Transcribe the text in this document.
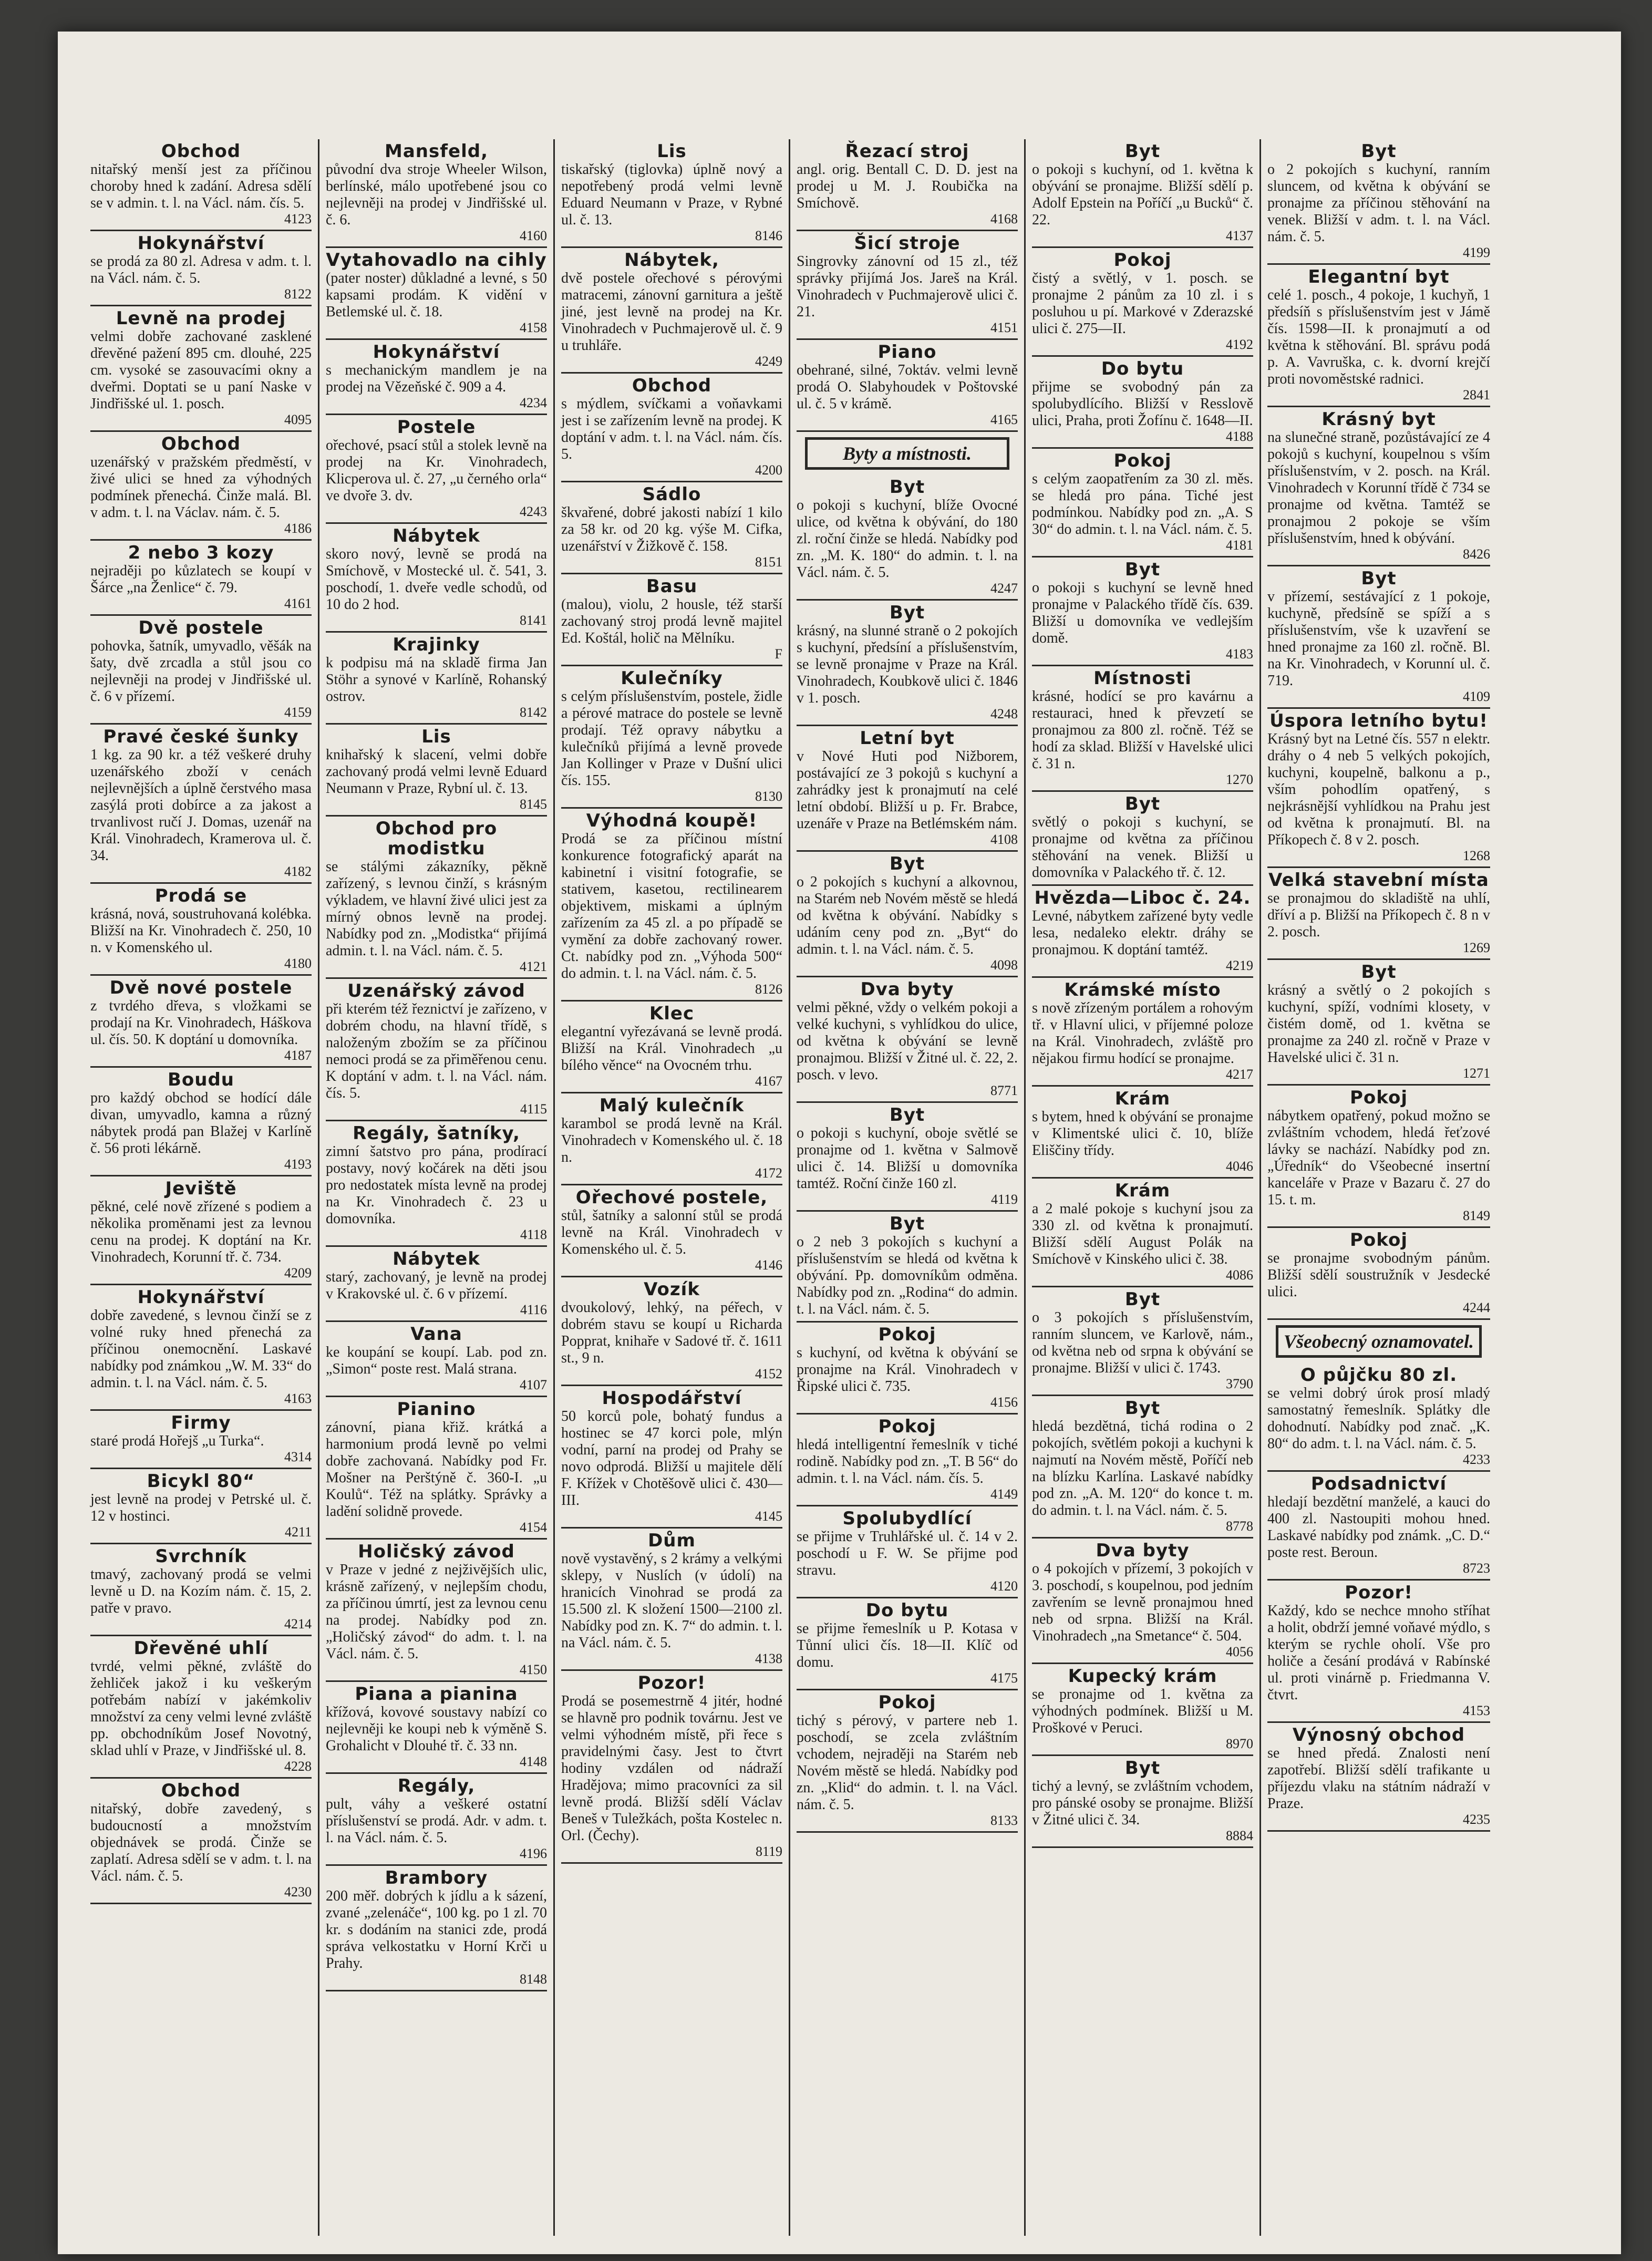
Obchod

nitařský menší jest za příčinou choroby hned k zadání. Adresa sdělí se v admin. t. l. na Václ. nám. čís. 5.

4123
Hokynářství

se prodá za 80 zl. Adresa v adm. t. l. na Václ. nám. č. 5.

8122
Levně na prodej

velmi dobře zachované zasklené dřevěné pažení 895 cm. dlouhé, 225 cm. vysoké se zasouvacími okny a dveřmi. Doptati se u paní Naske v Jindřišské ul. 1. posch.

4095
Obchod

uzenářský v pražském předměstí, v živé ulici se hned za výhodných podmínek přenechá. Činže malá. Bl. v adm. t. l. na Václav. nám. č. 5.

4186
2 nebo 3 kozy

nejraději po kůzlatech se koupí v Šárce „na Ženlice“ č. 79.

4161
Dvě postele

pohovka, šatník, umyvadlo, věšák na šaty, dvě zrcadla a stůl jsou co nejlevněji na prodej v Jindřišské ul. č. 6 v přízemí.

4159
Pravé české šunky

1 kg. za 90 kr. a též veškeré druhy uzenářského zboží v cenách nejlevnějších a úplně čerstvého masa zasýlá proti dobírce a za jakost a trvanlivost ručí J. Domas, uzenář na Král. Vinohradech, Kramerova ul. č. 34.

4182
Prodá se

krásná, nová, soustruhovaná kolébka. Bližší na Kr. Vinohradech č. 250, 10 n. v Komenského ul.

4180
Dvě nové postele

z tvrdého dřeva, s vložkami se prodají na Kr. Vinohradech, Háškova ul. čís. 50. K doptání u domovníka.

4187
Boudu

pro každý obchod se hodící dále divan, umyvadlo, kamna a různý nábytek prodá pan Blažej v Karlíně č. 56 proti lékárně.

4193
Jeviště

pěkné, celé nově zřízené s podiem a několika proměnami jest za levnou cenu na prodej. K doptání na Kr. Vinohradech, Korunní tř. č. 734.

4209
Hokynářství

dobře zavedené, s levnou činží se z volné ruky hned přenechá za příčinou onemocnění. Laskavé nabídky pod známkou „W. M. 33“ do admin. t. l. na Václ. nám. č. 5.

4163
Firmy

staré prodá Hořejš „u Turka“.

4314
Bicykl 80“

jest levně na prodej v Petrské ul. č. 12 v hostinci.

4211
Svrchník

tmavý, zachovaný prodá se velmi levně u D. na Kozím nám. č. 15, 2. patře v pravo.

4214
Dřevěné uhlí

tvrdé, velmi pěkné, zvláště do žehliček jakož i ku veškerým potřebám nabízí v jakémkoliv množství za ceny velmi levné zvláště pp. obchodníkům Josef Novotný, sklad uhlí v Praze, v Jindřišské ul. 8.

4228
Obchod

nitařský, dobře zavedený, s budoucností a množstvím objednávek se prodá. Činže se zaplatí. Adresa sdělí se v adm. t. l. na Václ. nám. č. 5.

4230
Mansfeld,

původní dva stroje Wheeler Wilson, berlínské, málo upotřebené jsou co nejlevněji na prodej v Jindřišské ul. č. 6.

4160
Vytahovadlo na cihly

(pater noster) důkladné a levné, s 50 kapsami prodám. K vidění v Betlemské ul. č. 18.

4158
Hokynářství

s mechanickým mandlem je na prodej na Vězeňské č. 909 a 4.

4234
Postele

ořechové, psací stůl a stolek levně na prodej na Kr. Vinohradech, Klicperova ul. č. 27, „u černého orla“ ve dvoře 3. dv.

4243
Nábytek

skoro nový, levně se prodá na Smíchově, v Mostecké ul. č. 541, 3. poschodí, 1. dveře vedle schodů, od 10 do 2 hod.

8141
Krajinky

k podpisu má na skladě firma Jan Stöhr a synové v Karlíně, Rohanský ostrov.

8142
Lis

knihařský k slacení, velmi dobře zachovaný prodá velmi levně Eduard Neumann v Praze, Rybní ul. č. 13.

8145
Obchod pro modistku

se stálými zákazníky, pěkně zařízený, s levnou činží, s krásným výkladem, ve hlavní živé ulici jest za mírný obnos levně na prodej. Nabídky pod zn. „Modistka“ přijímá admin. t. l. na Václ. nám. č. 5.

4121
Uzenářský závod

při kterém též řeznictví je zařízeno, v dobrém chodu, na hlavní třídě, s naloženým zbožím se za příčinou nemoci prodá se za přiměřenou cenu. K doptání v adm. t. l. na Václ. nám. čís. 5.

4115
Regály, šatníky,

zimní šatstvo pro pána, prodírací postavy, nový kočárek na děti jsou pro nedostatek místa levně na prodej na Kr. Vinohradech č. 23 u domovníka.

4118
Nábytek

starý, zachovaný, je levně na prodej v Krakovské ul. č. 6 v přízemí.

4116
Vana

ke koupání se koupí. Lab. pod zn. „Simon“ poste rest. Malá strana.

4107
Pianino

zánovní, piana křiž. krátká a harmonium prodá levně po velmi dobře zachovaná. Nabídky pod Fr. Mošner na Perštýně č. 360-I. „u Koulů“. Též na splátky. Správky a ladění solidně provede.

4154
Holičský závod

v Praze v jedné z nejživějších ulic, krásně zařízený, v nejlepším chodu, za příčinou úmrtí, jest za levnou cenu na prodej. Nabídky pod zn. „Holičský závod“ do adm. t. l. na Václ. nám. č. 5.

4150
Piana a pianina

křížová, kovové soustavy nabízí co nejlevněji ke koupi neb k výměně S. Grohalicht v Dlouhé tř. č. 33 nn.

4148
Regály,

pult, váhy a veškeré ostatní příslušenství se prodá. Adr. v adm. t. l. na Václ. nám. č. 5.

4196
Brambory

200 měř. dobrých k jídlu a k sázení, zvané „zelenáče“, 100 kg. po 1 zl. 70 kr. s dodáním na stanici zde, prodá správa velkostatku v Horní Krči u Prahy.

8148
Lis

tiskařský (tiglovka) úplně nový a nepotřebený prodá velmi levně Eduard Neumann v Praze, v Rybné ul. č. 13.

8146
Nábytek,

dvě postele ořechové s pérovými matracemi, zánovní garnitura a ještě jiné, jest levně na prodej na Kr. Vinohradech v Puchmajerově ul. č. 9 u truhláře.

4249
Obchod

s mýdlem, svíčkami a voňavkami jest i se zařízením levně na prodej. K doptání v adm. t. l. na Václ. nám. čís. 5.

4200
Sádlo

škvařené, dobré jakosti nabízí 1 kilo za 58 kr. od 20 kg. výše M. Cifka, uzenářství v Žižkově č. 158.

8151
Basu

(malou), violu, 2 housle, též starší zachovaný stroj prodá levně majitel Ed. Koštál, holič na Mělníku.

F
Kulečníky

s celým příslušenstvím, postele, židle a pérové matrace do postele se levně prodají. Též opravy nábytku a kulečníků přijímá a levně provede Jan Kollinger v Praze v Dušní ulici čís. 155.

8130
Výhodná koupě!

Prodá se za příčinou místní konkurence fotografický aparát na kabinetní i visitní fotografie, se stativem, kasetou, rectilinearem objektivem, miskami a úplným zařízením za 45 zl. a po případě se vymění za dobře zachovaný rower. Ct. nabídky pod zn. „Výhoda 500“ do admin. t. l. na Václ. nám. č. 5.

8126
Klec

elegantní vyřezávaná se levně prodá. Bližší na Král. Vinohradech „u bílého věnce“ na Ovocném trhu.

4167
Malý kulečník

karambol se prodá levně na Král. Vinohradech v Komenského ul. č. 18 n.

4172
Ořechové postele,

stůl, šatníky a salonní stůl se prodá levně na Král. Vinohradech v Komenského ul. č. 5.

4146
Vozík

dvoukolový, lehký, na péřech, v dobrém stavu se koupí u Richarda Popprat, knihaře v Sadové tř. č. 1611 st., 9 n.

4152
Hospodářství

50 korců pole, bohatý fundus a hostinec se 47 korci pole, mlýn vodní, parní na prodej od Prahy se novo odprodá. Bližší u majitele dělí F. Křížek v Chotěšově ulici č. 430—III.

4145
Dům

nově vystavěný, s 2 krámy a velkými sklepy, v Nuslích (v údolí) na hranicích Vinohrad se prodá za 15.500 zl. K složení 1500—2100 zl. Nabídky pod zn. K. 7“ do admin. t. l. na Václ. nám. č. 5.

4138
Pozor!

Prodá se posemestrně 4 jitér, hodné se hlavně pro podnik továrnu. Jest ve velmi výhodném místě, při řece s pravidelnými časy. Jest to čtvrt hodiny vzdálen od nádraží Hradějova; mimo pracovníci za sil levně prodá. Bližší sdělí Václav Beneš v Tuležkách, pošta Kostelec n. Orl. (Čechy).

8119
Řezací stroj

angl. orig. Bentall C. D. D. jest na prodej u M. J. Roubička na Smíchově.

4168
Šicí stroje

Singrovky zánovní od 15 zl., též správky přijímá Jos. Jareš na Král. Vinohradech v Puchmajerově ulici č. 21.

4151
Piano

obehrané, silné, 7oktáv. velmi levně prodá O. Slabyhoudek v Poštovské ul. č. 5 v krámě.

4165
Byty a místnosti.
Byt

o pokoji s kuchyní, blíže Ovocné ulice, od května k obývání, do 180 zl. roční činže se hledá. Nabídky pod zn. „M. K. 180“ do admin. t. l. na Václ. nám. č. 5.

4247
Byt

krásný, na slunné straně o 2 pokojích s kuchyní, předsíní a příslušenstvím, se levně pronajme v Praze na Král. Vinohradech, Koubkově ulici č. 1846 v 1. posch.

4248
Letní byt

v Nové Huti pod Nižborem, postávající ze 3 pokojů s kuchyní a zahrádky jest k pronajmutí na celé letní období. Bližší u p. Fr. Brabce, uzenáře v Praze na Betlémském nám.

4108
Byt

o 2 pokojích s kuchyní a alkovnou, na Starém neb Novém městě se hledá od května k obývání. Nabídky s udáním ceny pod zn. „Byt“ do admin. t. l. na Václ. nám. č. 5.

4098
Dva byty

velmi pěkné, vždy o velkém pokoji a velké kuchyni, s vyhlídkou do ulice, od května k obývání se levně pronajmou. Bližší v Žitné ul. č. 22, 2. posch. v levo.

8771
Byt

o pokoji s kuchyní, oboje světlé se pronajme od 1. května v Salmově ulici č. 14. Bližší u domovníka tamtéž. Roční činže 160 zl.

4119
Byt

o 2 neb 3 pokojích s kuchyní a příslušenstvím se hledá od května k obývání. Pp. domovníkům odměna. Nabídky pod zn. „Rodina“ do admin. t. l. na Václ. nám. č. 5.

Pokoj

s kuchyní, od května k obývání se pronajme na Král. Vinohradech v Řipské ulici č. 735.

4156
Pokoj

hledá intelligentní řemeslník v tiché rodině. Nabídky pod zn. „T. B 56“ do admin. t. l. na Václ. nám. čís. 5.

4149
Spolubydlící

se přijme v Truhlářské ul. č. 14 v 2. poschodí u F. W. Se přijme pod stravu.

4120
Do bytu

se přijme řemeslník u P. Kotasa v Tůnní ulici čís. 18—II. Klíč od domu.

4175
Pokoj

tichý s pérový, v partere neb 1. poschodí, se zcela zvláštním vchodem, nejraději na Starém neb Novém městě se hledá. Nabídky pod zn. „Klid“ do admin. t. l. na Václ. nám. č. 5.

8133
Byt

o pokoji s kuchyní, od 1. května k obývání se pronajme. Bližší sdělí p. Adolf Epstein na Poříčí „u Bucků“ č. 22.

4137
Pokoj

čistý a světlý, v 1. posch. se pronajme 2 pánům za 10 zl. i s posluhou u pí. Markové v Zderazské ulici č. 275—II.

4192
Do bytu

přijme se svobodný pán za spolubydlícího. Bližší v Resslově ulici, Praha, proti Žofínu č. 1648—II.

4188
Pokoj

s celým zaopatřením za 30 zl. měs. se hledá pro pána. Tiché jest podmínkou. Nabídky pod zn. „A. S 30“ do admin. t. l. na Václ. nám. č. 5.

4181
Byt

o pokoji s kuchyní se levně hned pronajme v Palackého třídě čís. 639. Bližší u domovníka ve vedlejším domě.

4183
Místnosti

krásné, hodící se pro kavárnu a restauraci, hned k převzetí se pronajmou za 800 zl. ročně. Též se hodí za sklad. Bližší v Havelské ulici č. 31 n.

1270
Byt

světlý o pokoji s kuchyní, se pronajme od května za příčinou stěhování na venek. Bližší u domovníka v Palackého tř. č. 12.

Hvězda—Liboc č. 24.

Levné, nábytkem zařízené byty vedle lesa, nedaleko elektr. dráhy se pronajmou. K doptání tamtéž.

4219
Krámské místo

s nově zřízeným portálem a rohovým tř. v Hlavní ulici, v příjemné poloze na Král. Vinohradech, zvláště pro nějakou firmu hodící se pronajme.

4217
Krám

s bytem, hned k obývání se pronajme v Klimentské ulici č. 10, blíže Eliščiny třídy.

4046
Krám

a 2 malé pokoje s kuchyní jsou za 330 zl. od května k pronajmutí. Bližší sdělí August Polák na Smíchově v Kinského ulici č. 38.

4086
Byt

o 3 pokojích s příslušenstvím, ranním sluncem, ve Karlově, nám., od května neb od srpna k obývání se pronajme. Bližší v ulici č. 1743.

3790
Byt

hledá bezdětná, tichá rodina o 2 pokojích, světlém pokoji a kuchyni k najmutí na Novém městě, Poříčí neb na blízku Karlína. Laskavé nabídky pod zn. „A. M. 120“ do konce t. m. do admin. t. l. na Václ. nám. č. 5.

8778
Dva byty

o 4 pokojích v přízemí, 3 pokojích v 3. poschodí, s koupelnou, pod jedním zavřením se levně pronajmou hned neb od srpna. Bližší na Král. Vinohradech „na Smetance“ č. 504.

4056
Kupecký krám

se pronajme od 1. května za výhodných podmínek. Bližší u M. Proškové v Peruci.

8970
Byt

tichý a levný, se zvláštním vchodem, pro pánské osoby se pronajme. Bližší v Žitné ulici č. 34.

8884
Byt

o 2 pokojích s kuchyní, ranním sluncem, od května k obývání se pronajme za příčinou stěhování na venek. Bližší v adm. t. l. na Václ. nám. č. 5.

4199
Elegantní byt

celé 1. posch., 4 pokoje, 1 kuchyň, 1 předsíň s příslušenstvím jest v Jámě čís. 1598—II. k pronajmutí a od května k stěhování. Bl. správu podá p. A. Vavruška, c. k. dvorní krejčí proti novoměstské radnici.

2841
Krásný byt

na slunečné straně, pozůstávající ze 4 pokojů s kuchyní, koupelnou s vším příslušenstvím, v 2. posch. na Král. Vinohradech v Korunní třídě č 734 se pronajme od května. Tamtéž se pronajmou 2 pokoje se vším příslušenstvím, hned k obývání.

8426
Byt

v přízemí, sestávající z 1 pokoje, kuchyně, předsíně se spíží a s příslušenstvím, vše k uzavření se hned pronajme za 160 zl. ročně. Bl. na Kr. Vinohradech, v Korunní ul. č. 719.

4109
Úspora letního bytu!

Krásný byt na Letné čís. 557 n elektr. dráhy o 4 neb 5 velkých pokojích, kuchyni, koupelně, balkonu a p., vším pohodlím opatřený, s nejkrásnější vyhlídkou na Prahu jest od května k pronajmutí. Bl. na Příkopech č. 8 v 2. posch.

1268
Velká stavební místa

se pronajmou do skladiště na uhlí, dříví a p. Bližší na Příkopech č. 8 n v 2. posch.

1269
Byt

krásný a světlý o 2 pokojích s kuchyní, spíží, vodními klosety, v čistém domě, od 1. května se pronajme za 240 zl. ročně v Praze v Havelské ulici č. 31 n.

1271
Pokoj

nábytkem opatřený, pokud možno se zvláštním vchodem, hledá řeťzové lávky se nachází. Nabídky pod zn. „Úředník“ do Všeobecné insertní kanceláře v Praze v Bazaru č. 27 do 15. t. m.

8149
Pokoj

se pronajme svobodným pánům. Bližší sdělí soustružník v Jesdecké ulici.

4244
Všeobecný oznamovatel.
O půjčku 80 zl.

se velmi dobrý úrok prosí mladý samostatný řemeslník. Splátky dle dohodnutí. Nabídky pod znač. „K. 80“ do adm. t. l. na Václ. nám. č. 5.

4233
Podsadnictví

hledají bezdětní manželé, a kauci do 400 zl. Nastoupiti mohou hned. Laskavé nabídky pod známk. „C. D.“ poste rest. Beroun.

8723
Pozor!

Každý, kdo se nechce mnoho stříhat a holit, obdrží jemné voňavé mýdlo, s kterým se rychle oholí. Vše pro holiče a česání prodává v Rabínské ul. proti vinárně p. Friedmanna V. čtvrt.

4153
Výnosný obchod

se hned předá. Znalosti není zapotřebí. Bližší sdělí trafikante u příjezdu vlaku na státním nádraží v Praze.

4235
